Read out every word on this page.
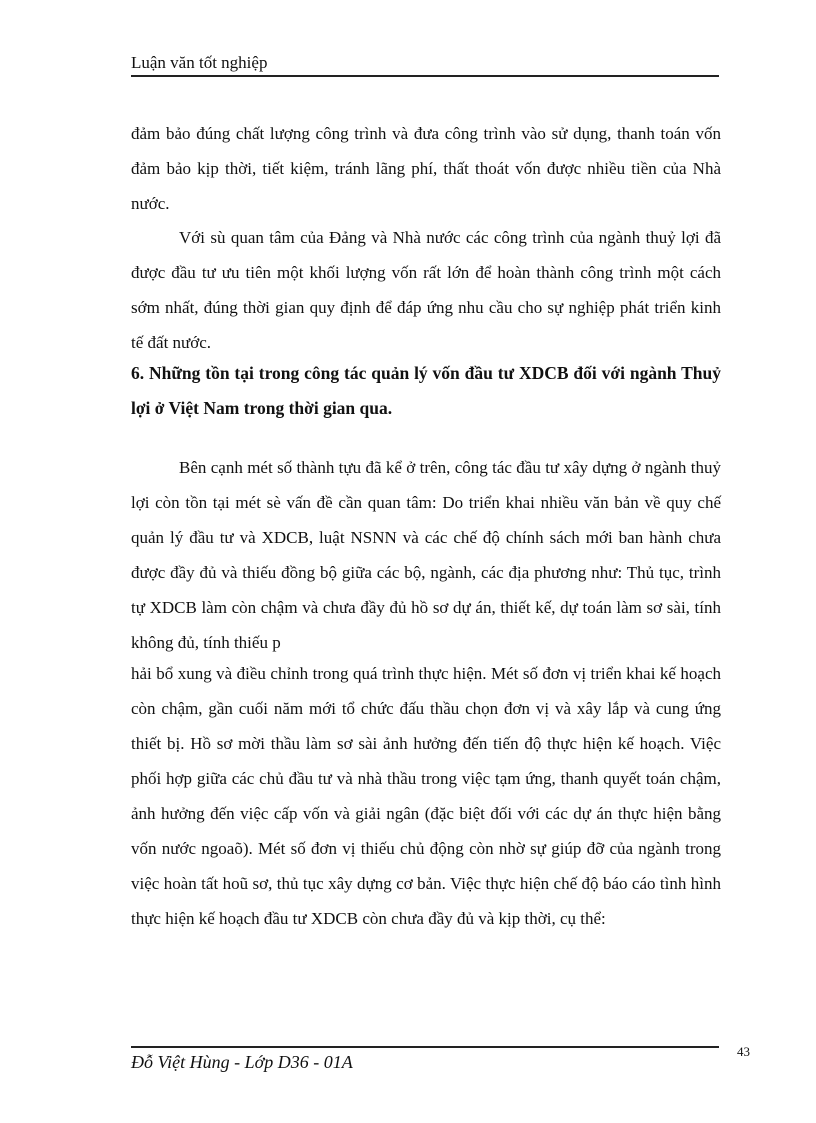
Luận văn tốt nghiệp

đảm bảo đúng chất lượng công trình và đưa công trình vào sử dụng, thanh toán vốn đảm bảo kịp thời, tiết kiệm, tránh lãng phí, thất thoát vốn được nhiều tiền của Nhà nước.

Với sù quan tâm của Đảng và Nhà nước các công trình của ngành thuỷ lợi đã được đầu tư ưu tiên một khối lượng vốn rất lớn để hoàn thành công trình một cách sớm nhất, đúng thời gian quy định để đáp ứng nhu cầu cho sự nghiệp phát triển kinh tế đất nước.

6. Những tồn tại trong công tác quản lý vốn đầu tư XDCB đối với ngành Thuỷ lợi ở Việt Nam trong thời gian qua.

Bên cạnh mét số thành tựu đã kể ở trên, công tác đầu tư xây dựng ở ngành thuỷ lợi còn tồn tại mét sè vấn đề cần quan tâm: Do triển khai nhiều văn bản về quy chế quản lý đầu tư và XDCB, luật NSNN và các chế độ chính sách mới ban hành chưa được đầy đủ và thiếu đồng bộ giữa các bộ, ngành, các địa phương như: Thủ tục, trình tự XDCB làm còn chậm và chưa đầy đủ hồ sơ dự án, thiết kế, dự toán làm sơ sài, tính không đủ, tính thiếu p

hải bổ xung và điều chỉnh trong quá trình thực hiện. Mét số đơn vị triển khai kế hoạch còn chậm, gần cuối năm mới tổ chức đấu thầu chọn đơn vị và xây lắp và cung ứng thiết bị. Hồ sơ mời thầu làm sơ sài ảnh hưởng đến tiến độ thực hiện kế hoạch. Việc phối hợp giữa các chủ đầu tư và nhà thầu trong việc tạm ứng, thanh quyết toán chậm, ảnh hưởng đến việc cấp vốn và giải ngân (đặc biệt đối với các dự án thực hiện bằng vốn nước ngoaõ). Mét số đơn vị thiếu chủ động còn nhờ sự giúp đỡ của ngành trong việc hoàn tất hoũ sơ, thủ tục xây dựng cơ bản. Việc thực hiện chế độ báo cáo tình hình thực hiện kế hoạch đầu tư XDCB còn chưa đầy đủ và kịp thời, cụ thể:

Đỗ Việt Hùng - Lớp D36 - 01A
43
